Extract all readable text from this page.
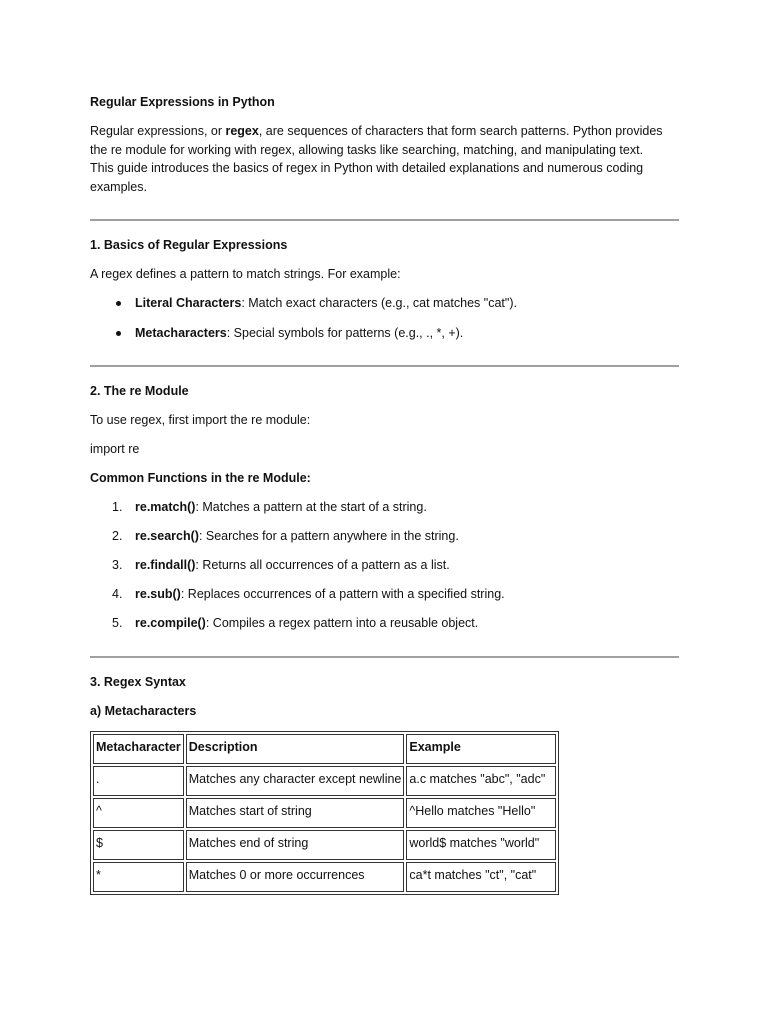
Regular Expressions in Python

Regular expressions, or regex, are sequences of characters that form search patterns. Python provides

the re module for working with regex, allowing tasks like searching, matching, and manipulating text.

This guide introduces the basics of regex in Python with detailed explanations and numerous coding

examples.

1. Basics of Regular Expressions

A regex defines a pattern to match strings. For example:

Literal Characters: Match exact characters (e.g., cat matches "cat").
Metacharacters: Special symbols for patterns (e.g., ., *, +).

2. The re Module

To use regex, first import the re module:

import re

Common Functions in the re Module:

1. re.match(): Matches a pattern at the start of a string.
2. re.search(): Searches for a pattern anywhere in the string.
3. re.findall(): Returns all occurrences of a pattern as a list.
4. re.sub(): Replaces occurrences of a pattern with a specified string.
5. re.compile(): Compiles a regex pattern into a reusable object.

3. Regex Syntax

a) Metacharacters

Metacharacter	Description	Example
.	Matches any character except newline	a.c matches "abc", "adc"
^	Matches start of string	^Hello matches "Hello"
$	Matches end of string	world$ matches "world"
*	Matches 0 or more occurrences	ca*t matches "ct", "cat"
